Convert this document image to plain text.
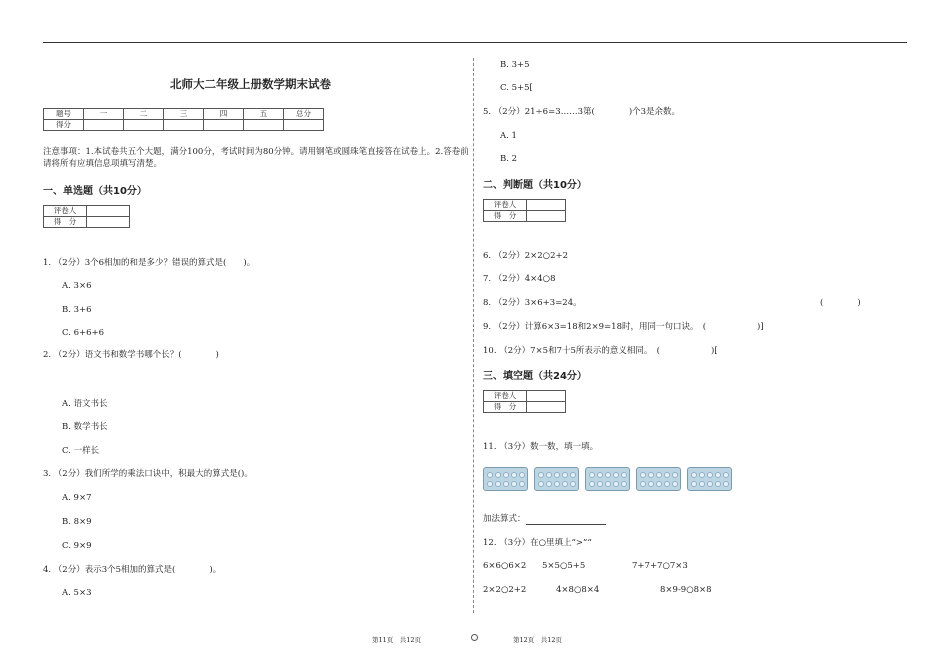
北师大二年级上册数学期末试卷
题号	一	二	三	四	五	总分
得分						
注意事项：1.本试卷共五个大题，满分100分，考试时间为80分钟。请用钢笔或圆珠笔直接答在试卷上。2.答卷前
请将所有应填信息项填写清楚。
一、单选题（共10分）
评卷人	
得　分	
1. （2分）3个6相加的和是多少？错误的算式是(　　)。
A. 3×6
B. 3+6
C. 6+6+6
2. （2分）语文书和数学书哪个长？(　　　　)
A. 语文书长
B. 数学书长
C. 一样长
3. （2分）我们所学的乘法口诀中，积最大的算式是()。
A. 9×7
B. 8×9
C. 9×9
4. （2分）表示3个5相加的算式是(　　　　)。
A. 5×3
B. 3+5
C. 5+5[
5. （2分）21÷6=3……3第(　　　　)个3是余数。
A. 1
B. 2
二、判断题（共10分）
评卷人	
得　分	
6. （2分）2×2○2+2
7. （2分）4×4○8
8. （2分）3×6+3=24。	(　　　　)
9. （2分）计算6×3=18和2×9=18时，用同一句口诀。　(　　　　　　)]
10. （2分）7×5和7十5所表示的意义相同。　(　　　　　　)[
三、填空题（共24分）
评卷人	
得　分	
11. （3分）数一数，填一填。
加法算式：
12. （3分）在○里填上“>”“
6×6○6×2 5×5○5+5	7+7+7○7×3
2×2○2+2	4×8○8×4	8×9-9○8×8
第11页　共12页	第12页　共12页
